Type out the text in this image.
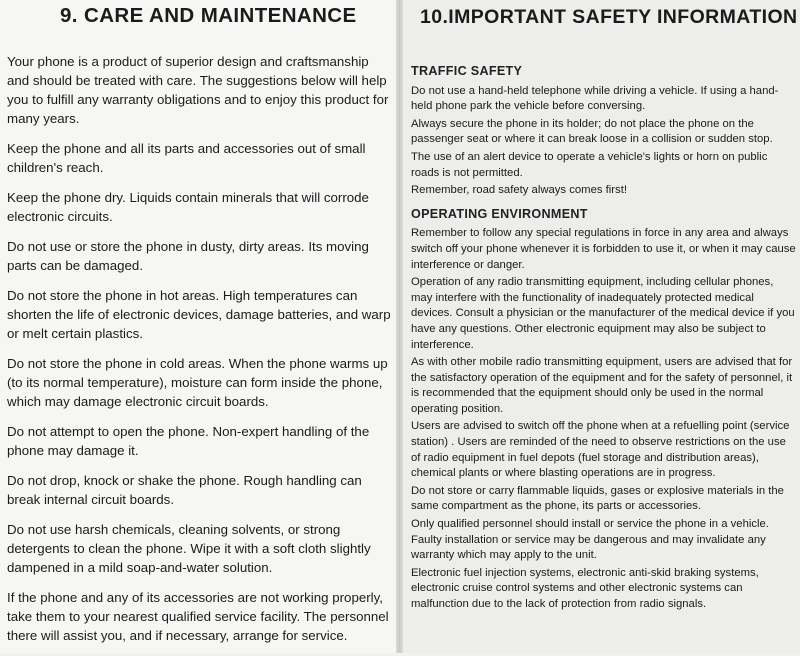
9. CARE AND MAINTENANCE	10.IMPORTANT SAFETY INFORMATION

Your phone is a product of superior design and craftsmanship and should be treated with care. The suggestions below will help you to fulfill any warranty obligations and to enjoy this product for many years.

Keep the phone and all its parts and accessories out of small children's reach.

Keep the phone dry. Liquids contain minerals that will corrode electronic circuits.

Do not use or store the phone in dusty, dirty areas. Its moving parts can be damaged.

Do not store the phone in hot areas. High temperatures can shorten the life of electronic devices, damage batteries, and warp or melt certain plastics.

Do not store the phone in cold areas. When the phone warms up (to its normal temperature), moisture can form inside the phone, which may damage electronic circuit boards.

Do not attempt to open the phone. Non-expert handling of the phone may damage it.

Do not drop, knock or shake the phone. Rough handling can break internal circuit boards.

Do not use harsh chemicals, cleaning solvents, or strong detergents to clean the phone. Wipe it with a soft cloth slightly dampened in a mild soap-and-water solution.

If the phone and any of its accessories are not working properly, take them to your nearest qualified service facility. The personnel there will assist you, and if necessary, arrange for service.

TRAFFIC SAFETY

Do not use a hand-held telephone while driving a vehicle. If using a hand-held phone park the vehicle before conversing.

Always secure the phone in its holder; do not place the phone on the passenger seat or where it can break loose in a collision or sudden stop.

The use of an alert device to operate a vehicle's lights or horn on public roads is not permitted.

Remember, road safety always comes first!

OPERATING ENVIRONMENT

Remember to follow any special regulations in force in any area and always switch off your phone whenever it is forbidden to use it, or when it may cause interference or danger.

Operation of any radio transmitting equipment, including cellular phones, may interfere with the functionality of inadequately protected medical devices. Consult a physician or the manufacturer of the medical device if you have any questions. Other electronic equipment may also be subject to interference.

As with other mobile radio transmitting equipment, users are advised that for the satisfactory operation of the equipment and for the safety of personnel, it is recommended that the equipment should only be used in the normal operating position.

Users are advised to switch off the phone when at a refuelling point (service station) . Users are reminded of the need to observe restrictions on the use of radio equipment in fuel depots (fuel storage and distribution areas), chemical plants or where blasting operations are in progress.

Do not store or carry flammable liquids, gases or explosive materials in the same compartment as the phone, its parts or accessories.

Only qualified personnel should install or service the phone in a vehicle. Faulty installation or service may be dangerous and may invalidate any warranty which may apply to the unit.

Electronic fuel injection systems, electronic anti-skid braking systems, electronic cruise control systems and other electronic systems can malfunction due to the lack of protection from radio signals.
